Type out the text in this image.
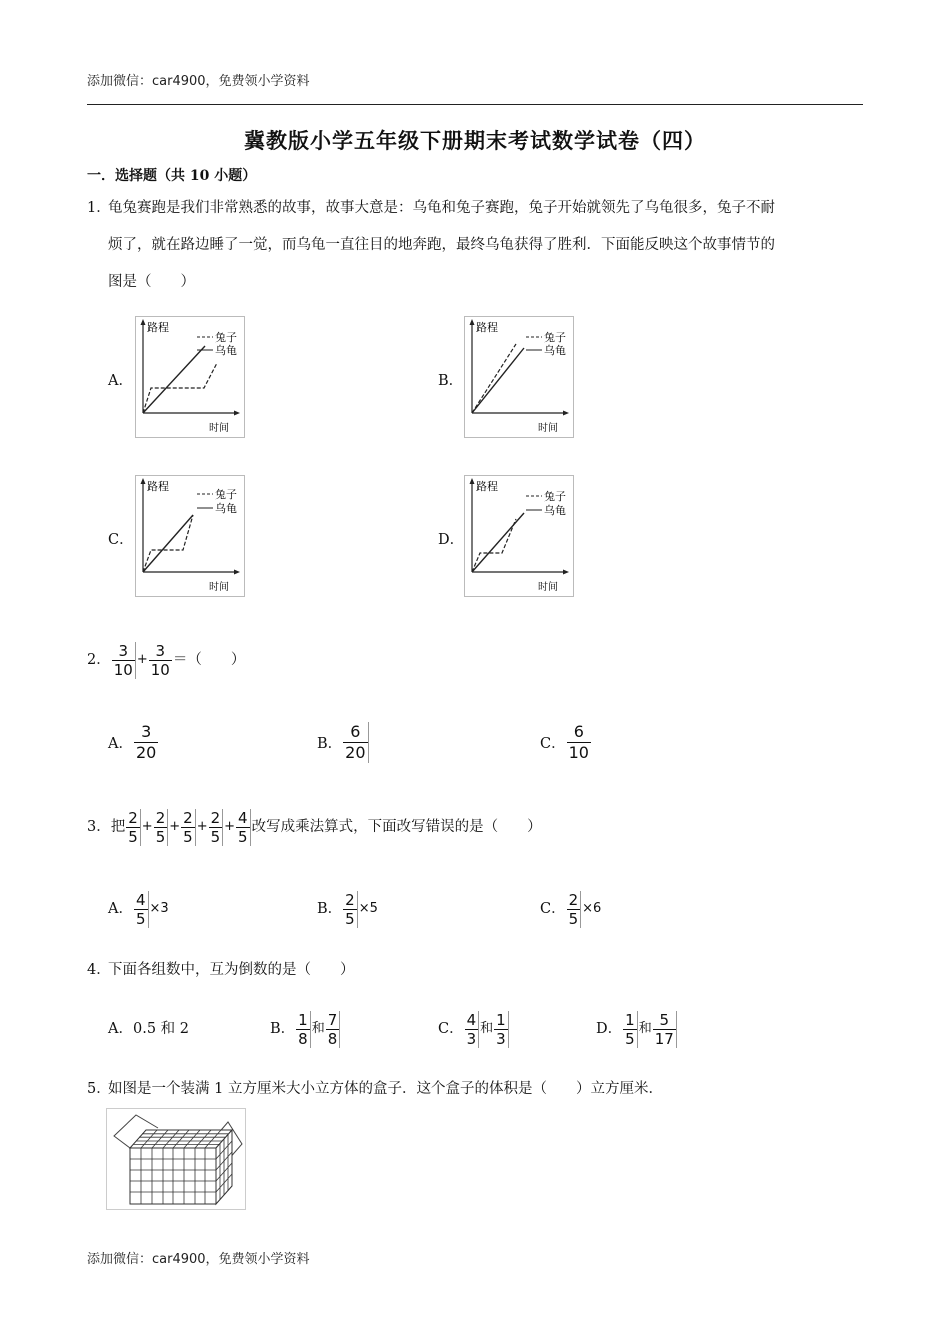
添加微信：car4900，免费领小学资料
冀教版小学五年级下册期末考试数学试卷（四）
一．选择题（共 10 小题）
1．
龟兔赛跑是我们非常熟悉的故事，故事大意是：乌龟和兔子赛跑，兔子开始就领先了乌龟很多，兔子不耐
烦了，就在路边睡了一觉，而乌龟一直往目的地奔跑，最终乌龟获得了胜利．下面能反映这个故事情节的
图是（　　）
A．	B．
C．	D．
路程
时间
兔子
乌龟
路程
时间
兔子
乌龟
路程
时间
兔子
乌龟
路程
时间
兔子
乌龟
2． $\frac{3}{10} + \frac{3}{10}$ ＝（　　）
A． $\frac{3}{20}$	B． $\frac{6}{20}$	C． $\frac{6}{10}$
3．把 $\frac{2}{5} + \frac{2}{5} + \frac{2}{5} + \frac{2}{5} + \frac{4}{5}$ 改写成乘法算式，下面改写错误的是（　　）
A． $\frac{4}{5} \times 3$	B． $\frac{2}{5} \times 5$	C． $\frac{2}{5} \times 6$
4．
下面各组数中，互为倒数的是（　　）
A．0.5 和 2	B． $\frac{1}{8}$ 和 $\frac{7}{8}$	C． $\frac{4}{3}$ 和 $\frac{1}{3}$	D． $\frac{1}{5}$ 和 $\frac{5}{17}$
5．
如图是一个装满 1 立方厘米大小立方体的盒子．这个盒子的体积是（　　）立方厘米．
添加微信：car4900，免费领小学资料
